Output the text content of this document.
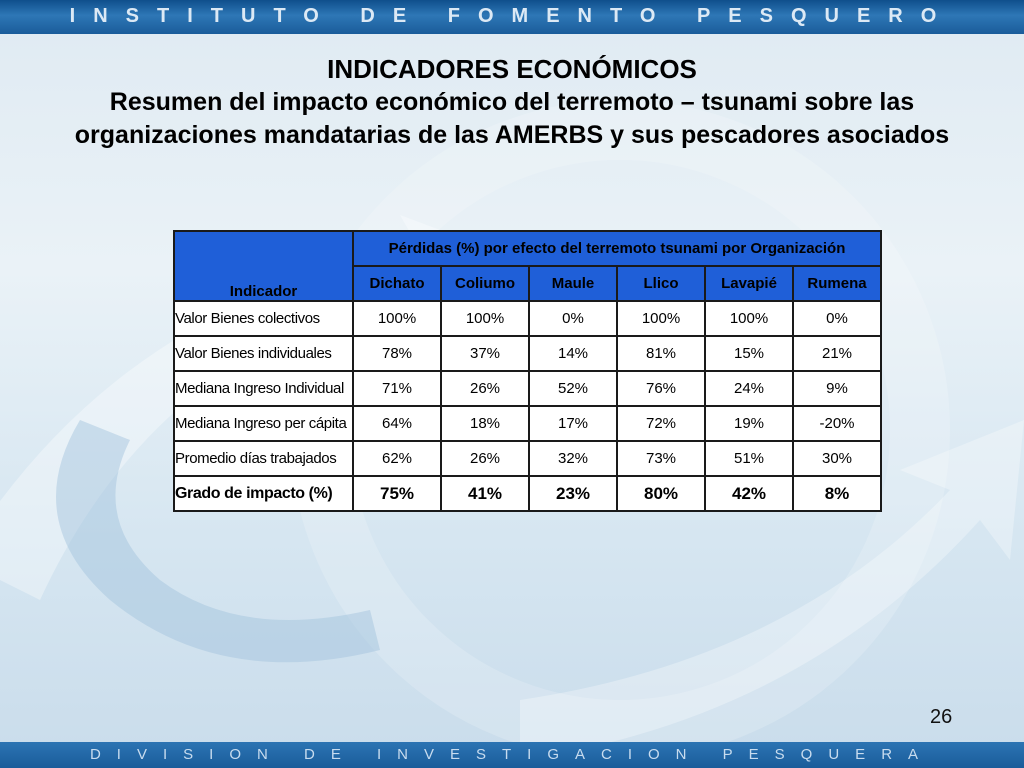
INSTITUTO DE FOMENTO PESQUERO
INDICADORES ECONÓMICOS
Resumen del impacto económico del terremoto – tsunami sobre las
organizaciones mandatarias de las AMERBS y sus pescadores asociados
Indicador	Pérdidas (%) por efecto del terremoto tsunami por Organización					
	Dichato	Coliumo	Maule	Llico	Lavapié	Rumena
Valor Bienes colectivos	100%	100%	0%	100%	100%	0%
Valor Bienes individuales	78%	37%	14%	81%	15%	21%
Mediana Ingreso Individual	71%	26%	52%	76%	24%	9%
Mediana Ingreso per cápita	64%	18%	17%	72%	19%	-20%
Promedio días trabajados	62%	26%	32%	73%	51%	30%
Grado de impacto (%)	75%	41%	23%	80%	42%	8%
26
DIVISION DE INVESTIGACION PESQUERA
